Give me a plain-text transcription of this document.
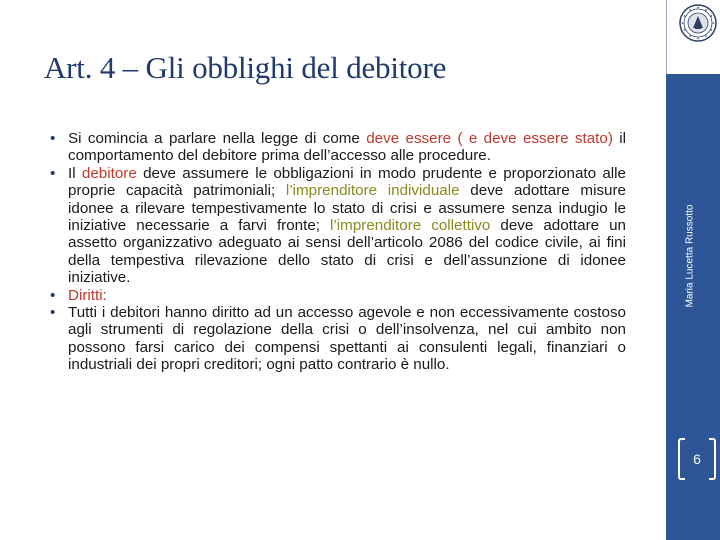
Art. 4 – Gli obblighi del debitore
Maria Lucetta Russotto
6
• Si comincia a parlare nella legge di come deve essere ( e deve essere stato) il comportamento del debitore prima dell’accesso alle procedure.
• Il debitore deve assumere le obbligazioni in modo prudente e proporzionato alle proprie capacità patrimoniali; l’imprenditore individuale deve adottare misure idonee a rilevare tempestivamente lo stato di crisi e assumere senza indugio le iniziative necessarie a farvi fronte; l’imprenditore collettivo deve adottare un assetto organizzativo adeguato ai sensi dell’articolo 2086 del codice civile, ai fini della tempestiva rilevazione dello stato di crisi e dell’assunzione di idonee iniziative.
• Diritti:
• Tutti i debitori hanno diritto ad un accesso agevole e non eccessivamente costoso agli strumenti di regolazione della crisi o dell’insolvenza, nel cui ambito non possono farsi carico dei compensi spettanti ai consulenti legali, finanziari o industriali dei propri creditori; ogni patto contrario è nullo.
